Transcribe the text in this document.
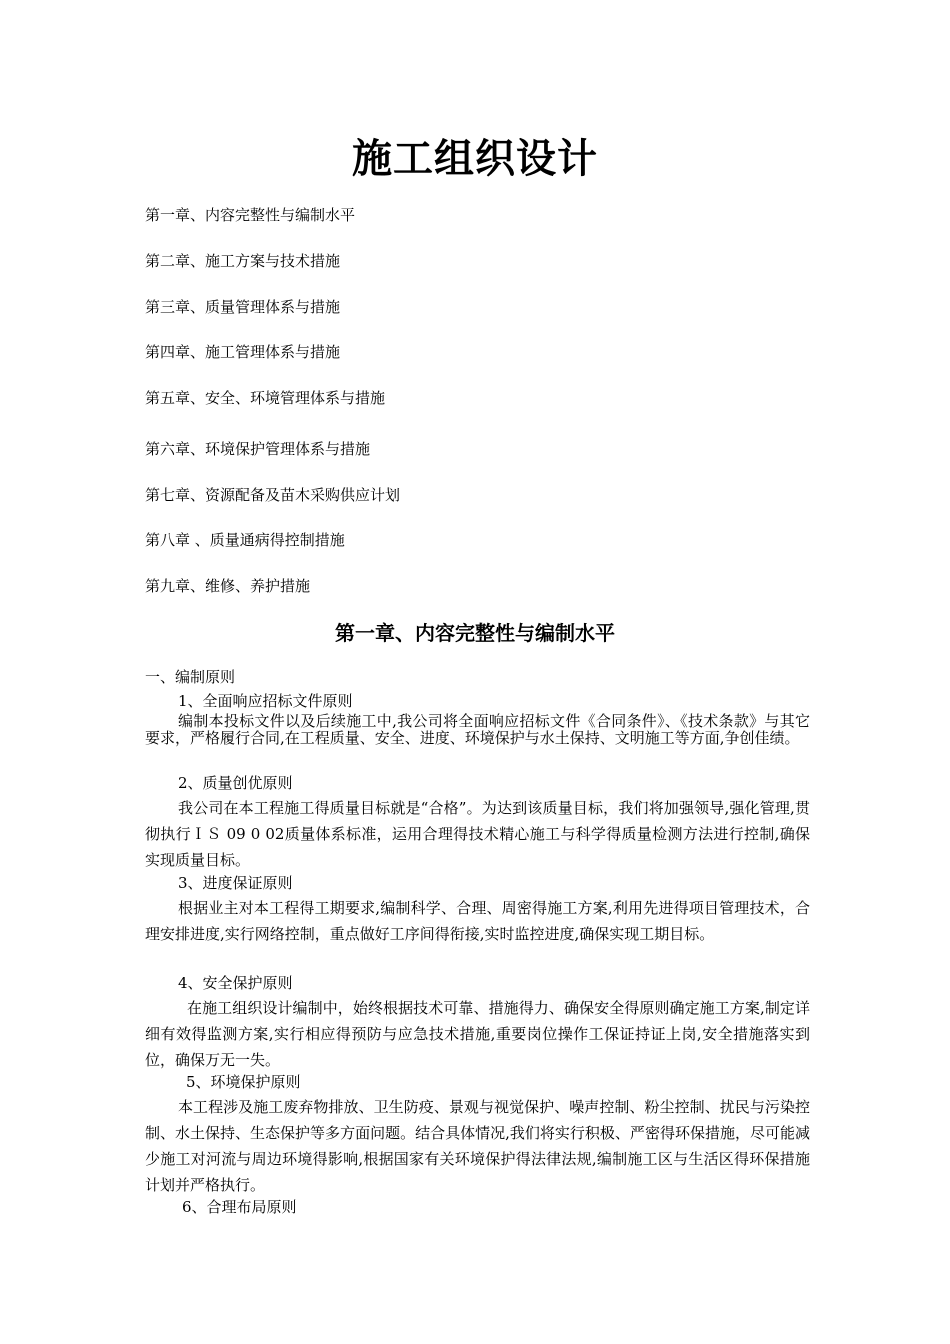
施工组织设计
第一章、内容完整性与编制水平
第二章、施工方案与技术措施
第三章、质量管理体系与措施
第四章、施工管理体系与措施
第五章、安全、环境管理体系与措施
第六章、环境保护管理体系与措施
第七章、资源配备及苗木采购供应计划
第八章 、质量通病得控制措施
第九章、维修、养护措施
第一章、内容完整性与编制水平
一、编制原则
1、全面响应招标文件原则
编制本投标文件以及后续施工中,我公司将全面响应招标文件《合同条件》、《技术条款》与其它要求，严格履行合同,在工程质量、安全、进度、环境保护与水土保持、文明施工等方面,争创佳绩。
2、质量创优原则
我公司在本工程施工得质量目标就是“合格”。为达到该质量目标，我们将加强领导,强化管理,贯彻执行ＩＳ 09 0 02质量体系标准，运用合理得技术精心施工与科学得质量检测方法进行控制,确保实现质量目标。
3、进度保证原则
根据业主对本工程得工期要求,编制科学、合理、周密得施工方案,利用先进得项目管理技术，合理安排进度,实行网络控制，重点做好工序间得衔接,实时监控进度,确保实现工期目标。
4、安全保护原则
在施工组织设计编制中，始终根据技术可靠、措施得力、确保安全得原则确定施工方案,制定详细有效得监测方案,实行相应得预防与应急技术措施,重要岗位操作工保证持证上岗,安全措施落实到位，确保万无一失。
5、环境保护原则
本工程涉及施工废弃物排放、卫生防疫、景观与视觉保护、噪声控制、粉尘控制、扰民与污染控制、水土保持、生态保护等多方面问题。结合具体情况,我们将实行积极、严密得环保措施，尽可能减少施工对河流与周边环境得影响,根据国家有关环境保护得法律法规,编制施工区与生活区得环保措施计划并严格执行。
6、合理布局原则
